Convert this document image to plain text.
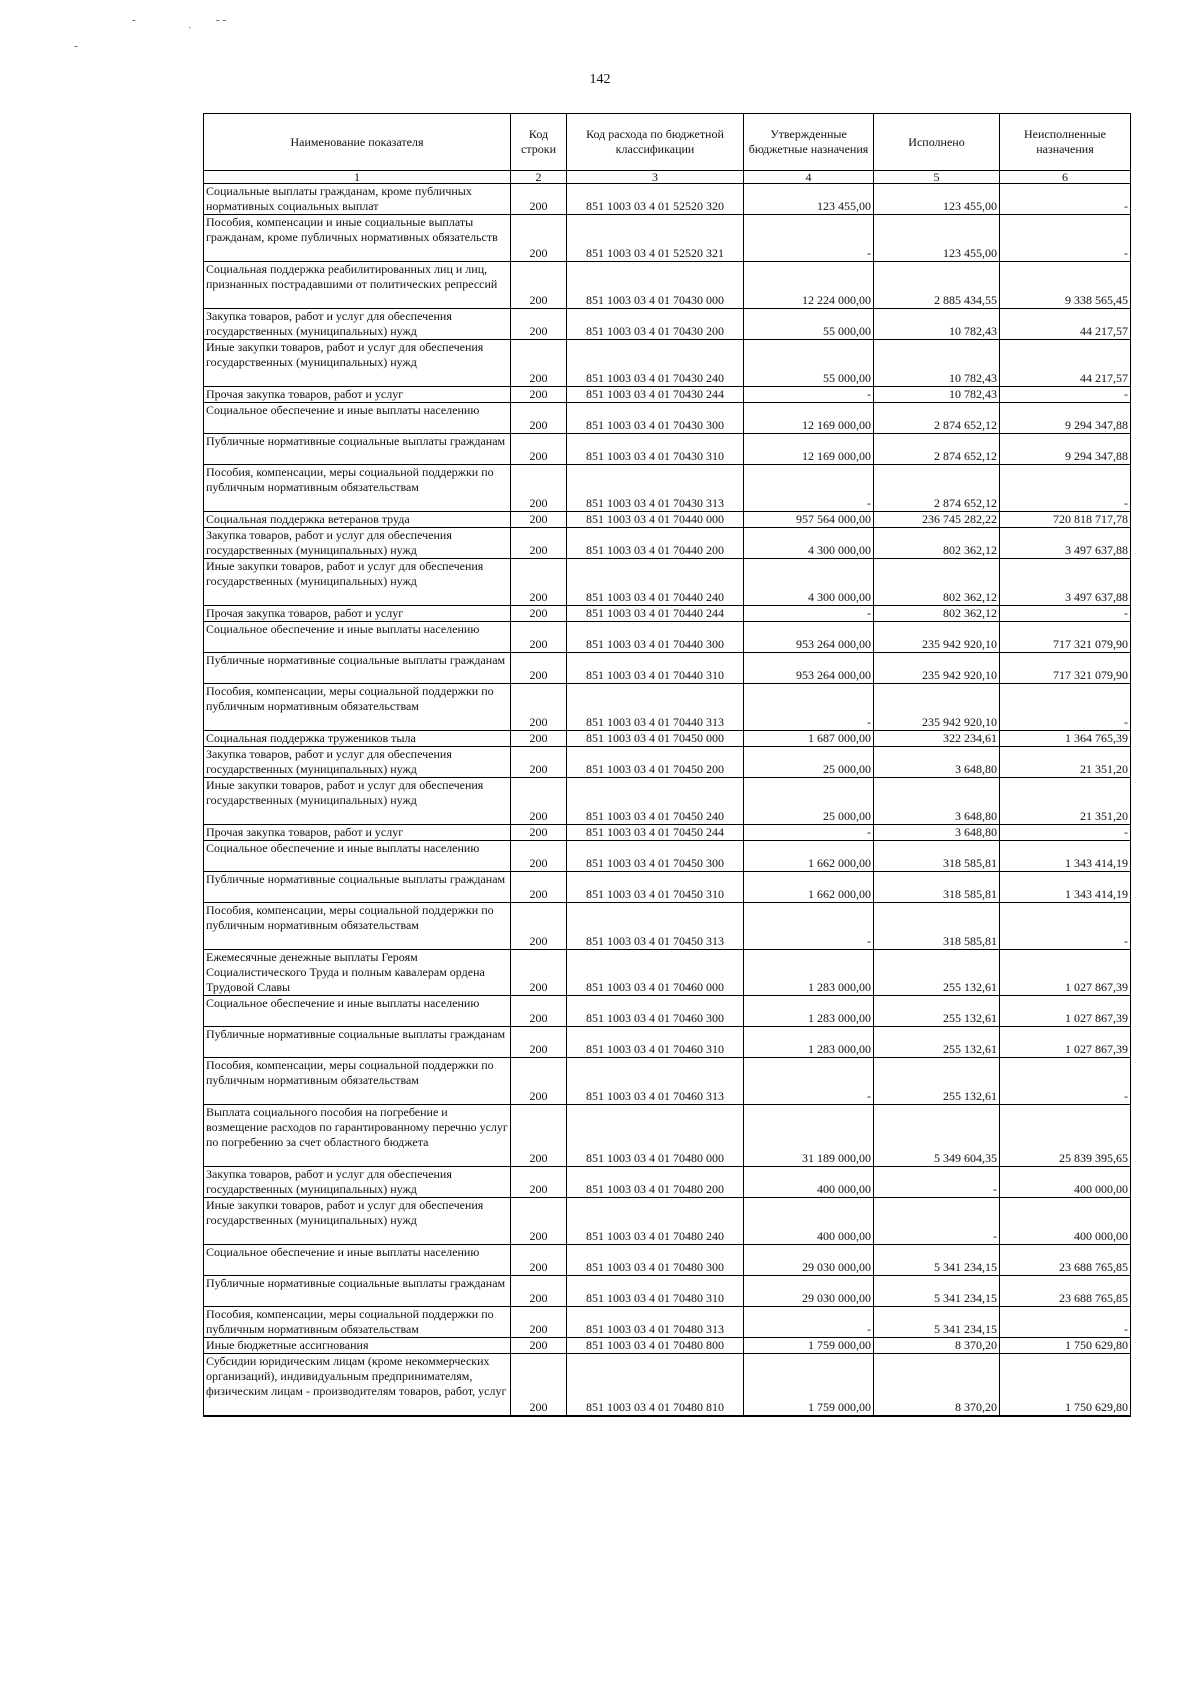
-	ˎ - -
-
142
Наименование показателя	Код строки	Код расхода по бюджетной классификации	Утвержденные бюджетные назначения	Исполнено	Неисполненные назначения
1	2	3	4	5	6
Социальные выплаты гражданам, кроме публичных нормативных социальных выплат	200	851 1003 03 4 01 52520 320	123 455,00	123 455,00	-
Пособия, компенсации и иные социальные выплаты гражданам, кроме публичных нормативных обязательств	200	851 1003 03 4 01 52520 321	-	123 455,00	-
Социальная поддержка реабилитированных лиц и лиц, признанных пострадавшими от политических репрессий	200	851 1003 03 4 01 70430 000	12 224 000,00	2 885 434,55	9 338 565,45
Закупка товаров, работ и услуг для обеспечения государственных (муниципальных) нужд	200	851 1003 03 4 01 70430 200	55 000,00	10 782,43	44 217,57
Иные закупки товаров, работ и услуг для обеспечения государственных (муниципальных) нужд	200	851 1003 03 4 01 70430 240	55 000,00	10 782,43	44 217,57
Прочая закупка товаров, работ и услуг	200	851 1003 03 4 01 70430 244	-	10 782,43	-
Социальное обеспечение и иные выплаты населению	200	851 1003 03 4 01 70430 300	12 169 000,00	2 874 652,12	9 294 347,88
Публичные нормативные социальные выплаты гражданам	200	851 1003 03 4 01 70430 310	12 169 000,00	2 874 652,12	9 294 347,88
Пособия, компенсации, меры социальной поддержки по публичным нормативным обязательствам	200	851 1003 03 4 01 70430 313	-	2 874 652,12	-
Социальная поддержка ветеранов труда	200	851 1003 03 4 01 70440 000	957 564 000,00	236 745 282,22	720 818 717,78
Закупка товаров, работ и услуг для обеспечения государственных (муниципальных) нужд	200	851 1003 03 4 01 70440 200	4 300 000,00	802 362,12	3 497 637,88
Иные закупки товаров, работ и услуг для обеспечения государственных (муниципальных) нужд	200	851 1003 03 4 01 70440 240	4 300 000,00	802 362,12	3 497 637,88
Прочая закупка товаров, работ и услуг	200	851 1003 03 4 01 70440 244	-	802 362,12	-
Социальное обеспечение и иные выплаты населению	200	851 1003 03 4 01 70440 300	953 264 000,00	235 942 920,10	717 321 079,90
Публичные нормативные социальные выплаты гражданам	200	851 1003 03 4 01 70440 310	953 264 000,00	235 942 920,10	717 321 079,90
Пособия, компенсации, меры социальной поддержки по публичным нормативным обязательствам	200	851 1003 03 4 01 70440 313	-	235 942 920,10	-
Социальная поддержка тружеников тыла	200	851 1003 03 4 01 70450 000	1 687 000,00	322 234,61	1 364 765,39
Закупка товаров, работ и услуг для обеспечения государственных (муниципальных) нужд	200	851 1003 03 4 01 70450 200	25 000,00	3 648,80	21 351,20
Иные закупки товаров, работ и услуг для обеспечения государственных (муниципальных) нужд	200	851 1003 03 4 01 70450 240	25 000,00	3 648,80	21 351,20
Прочая закупка товаров, работ и услуг	200	851 1003 03 4 01 70450 244	-	3 648,80	-
Социальное обеспечение и иные выплаты населению	200	851 1003 03 4 01 70450 300	1 662 000,00	318 585,81	1 343 414,19
Публичные нормативные социальные выплаты гражданам	200	851 1003 03 4 01 70450 310	1 662 000,00	318 585,81	1 343 414,19
Пособия, компенсации, меры социальной поддержки по публичным нормативным обязательствам	200	851 1003 03 4 01 70450 313	-	318 585,81	-
Ежемесячные денежные выплаты Героям Социалистического Труда и полным кавалерам ордена Трудовой Славы	200	851 1003 03 4 01 70460 000	1 283 000,00	255 132,61	1 027 867,39
Социальное обеспечение и иные выплаты населению	200	851 1003 03 4 01 70460 300	1 283 000,00	255 132,61	1 027 867,39
Публичные нормативные социальные выплаты гражданам	200	851 1003 03 4 01 70460 310	1 283 000,00	255 132,61	1 027 867,39
Пособия, компенсации, меры социальной поддержки по публичным нормативным обязательствам	200	851 1003 03 4 01 70460 313	-	255 132,61	-
Выплата социального пособия на погребение и возмещение расходов по гарантированному перечню услуг по погребению за счет областного бюджета	200	851 1003 03 4 01 70480 000	31 189 000,00	5 349 604,35	25 839 395,65
Закупка товаров, работ и услуг для обеспечения государственных (муниципальных) нужд	200	851 1003 03 4 01 70480 200	400 000,00	-	400 000,00
Иные закупки товаров, работ и услуг для обеспечения государственных (муниципальных) нужд	200	851 1003 03 4 01 70480 240	400 000,00	-	400 000,00
Социальное обеспечение и иные выплаты населению	200	851 1003 03 4 01 70480 300	29 030 000,00	5 341 234,15	23 688 765,85
Публичные нормативные социальные выплаты гражданам	200	851 1003 03 4 01 70480 310	29 030 000,00	5 341 234,15	23 688 765,85
Пособия, компенсации, меры социальной поддержки по публичным нормативным обязательствам	200	851 1003 03 4 01 70480 313	-	5 341 234,15	-
Иные бюджетные ассигнования	200	851 1003 03 4 01 70480 800	1 759 000,00	8 370,20	1 750 629,80
Субсидии юридическим лицам (кроме некоммерческих организаций), индивидуальным предпринимателям, физическим лицам - производителям товаров, работ, услуг	200	851 1003 03 4 01 70480 810	1 759 000,00	8 370,20	1 750 629,80
